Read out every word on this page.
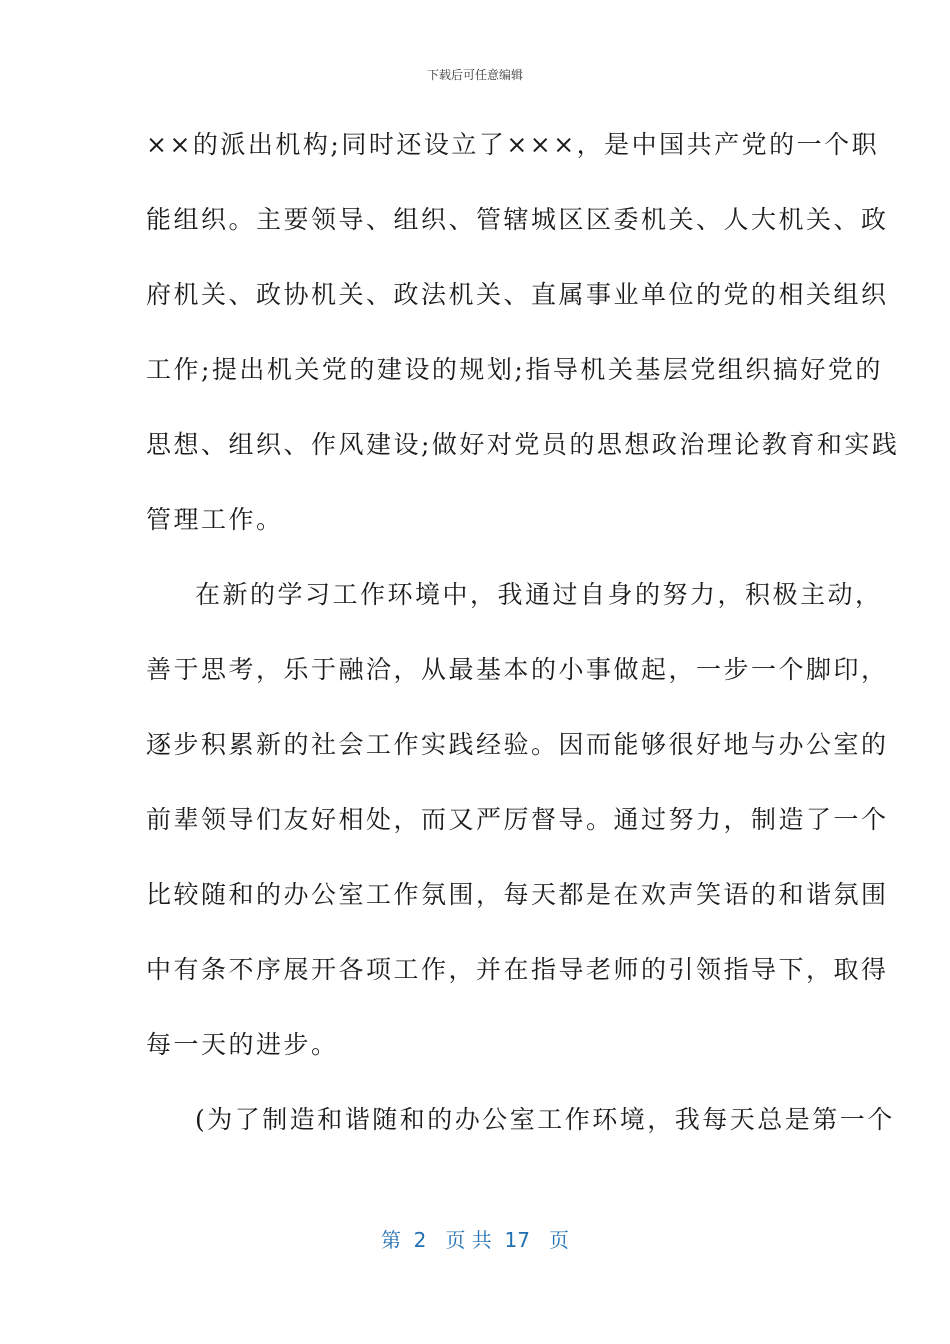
下载后可任意编辑
××的派出机构;同时还设立了×××，是中国共产党的一个职
能组织。主要领导、组织、管辖城区区委机关、人大机关、政
府机关、政协机关、政法机关、直属事业单位的党的相关组织
工作;提出机关党的建设的规划;指导机关基层党组织搞好党的
思想、组织、作风建设;做好对党员的思想政治理论教育和实践
管理工作。
在新的学习工作环境中，我通过自身的努力，积极主动，
善于思考，乐于融洽，从最基本的小事做起，一步一个脚印，
逐步积累新的社会工作实践经验。因而能够很好地与办公室的
前辈领导们友好相处，而又严厉督导。通过努力，制造了一个
比较随和的办公室工作氛围，每天都是在欢声笑语的和谐氛围
中有条不序展开各项工作，并在指导老师的引领指导下，取得
每一天的进步。
(为了制造和谐随和的办公室工作环境，我每天总是第一个
第  2   页 共  17   页
